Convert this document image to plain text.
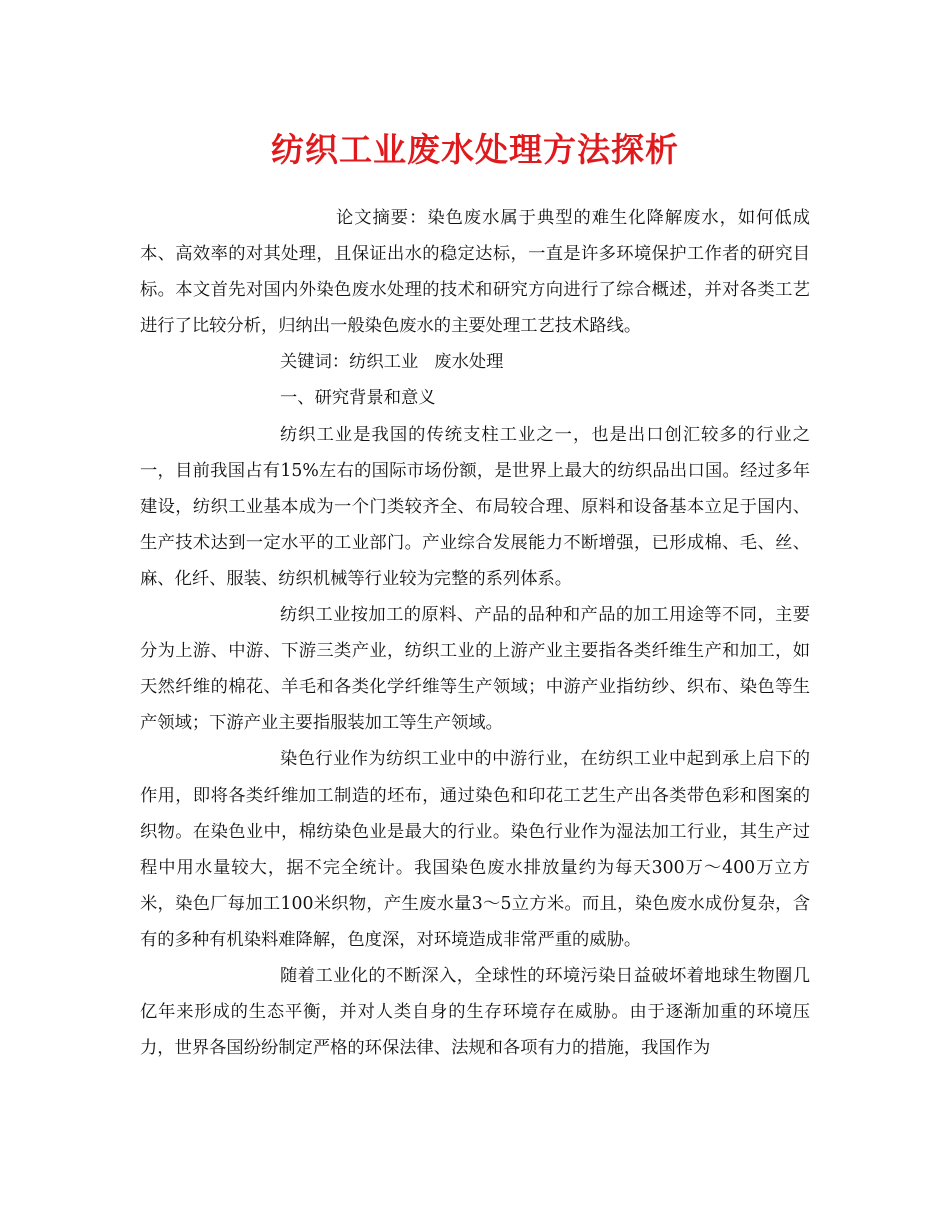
纺织工业废水处理方法探析

论文摘要：染色废水属于典型的难生化降解废水，如何低成本、高效率的对其处理，且保证出水的稳定达标，一直是许多环境保护工作者的研究目标。本文首先对国内外染色废水处理的技术和研究方向进行了综合概述，并对各类工艺进行了比较分析，归纳出一般染色废水的主要处理工艺技术路线。

关键词：纺织工业 废水处理

一、研究背景和意义

纺织工业是我国的传统支柱工业之一，也是出口创汇较多的行业之一，目前我国占有15%左右的国际市场份额，是世界上最大的纺织品出口国。经过多年建设，纺织工业基本成为一个门类较齐全、布局较合理、原料和设备基本立足于国内、生产技术达到一定水平的工业部门。产业综合发展能力不断增强，已形成棉、毛、丝、麻、化纤、服装、纺织机械等行业较为完整的系列体系。

纺织工业按加工的原料、产品的品种和产品的加工用途等不同，主要分为上游、中游、下游三类产业，纺织工业的上游产业主要指各类纤维生产和加工，如天然纤维的棉花、羊毛和各类化学纤维等生产领域；中游产业指纺纱、织布、染色等生产领域；下游产业主要指服装加工等生产领域。

染色行业作为纺织工业中的中游行业，在纺织工业中起到承上启下的作用，即将各类纤维加工制造的坯布，通过染色和印花工艺生产出各类带色彩和图案的织物。在染色业中，棉纺染色业是最大的行业。染色行业作为湿法加工行业，其生产过程中用水量较大，据不完全统计。我国染色废水排放量约为每天300万～400万立方米，染色厂每加工100米织物，产生废水量3～5立方米。而且，染色废水成份复杂，含有的多种有机染料难降解，色度深，对环境造成非常严重的威胁。

随着工业化的不断深入，全球性的环境污染日益破坏着地球生物圈几亿年来形成的生态平衡，并对人类自身的生存环境存在威胁。由于逐渐加重的环境压力，世界各国纷纷制定严格的环保法律、法规和各项有力的措施，我国作为
